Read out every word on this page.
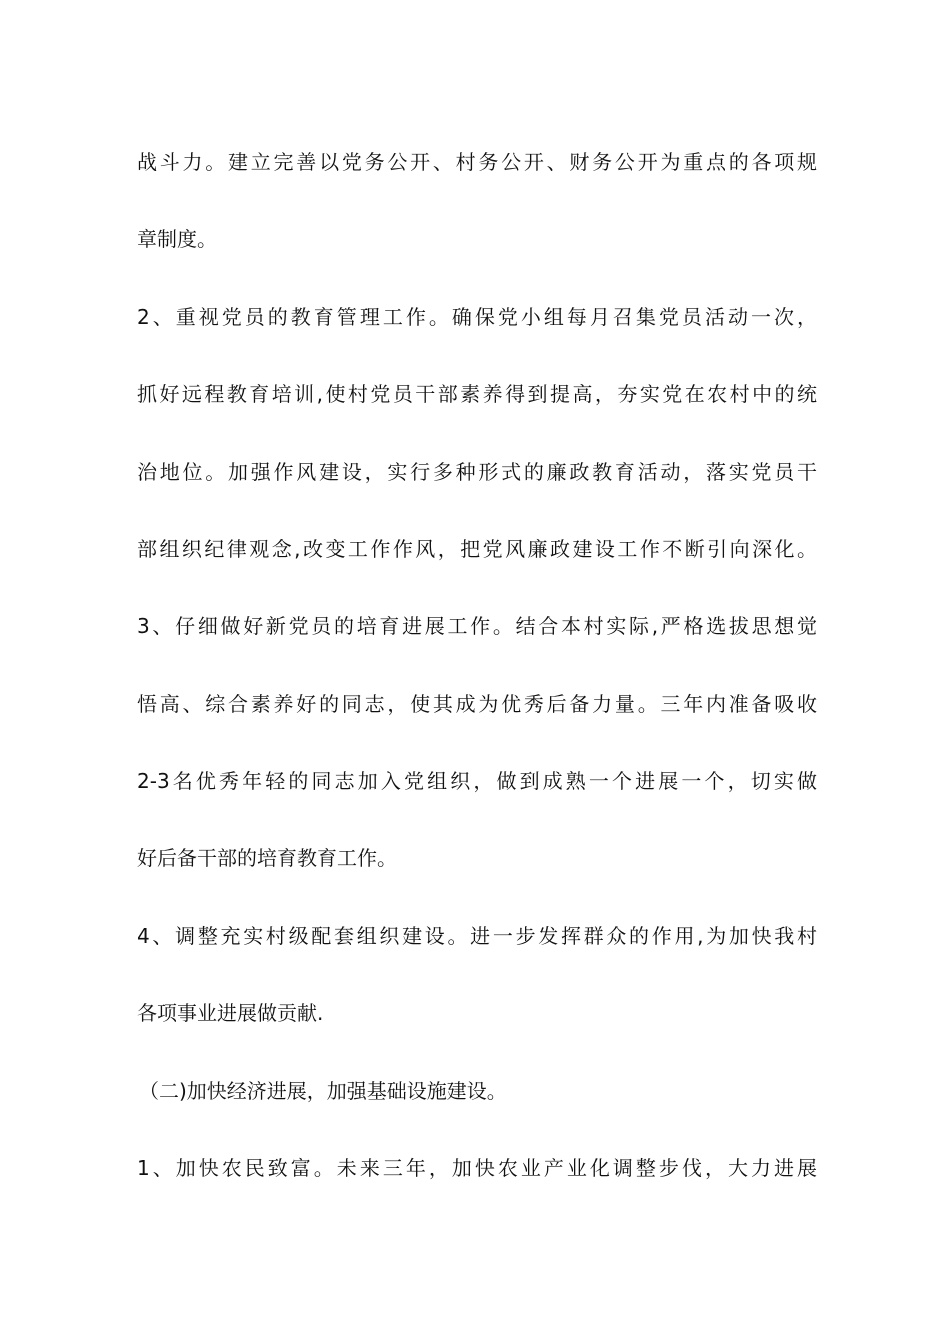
战斗力。建立完善以党务公开、村务公开、财务公开为重点的各项规
章制度。
2、重视党员的教育管理工作。确保党小组每月召集党员活动一次，
抓好远程教育培训,使村党员干部素养得到提高，夯实党在农村中的统
治地位。加强作风建设，实行多种形式的廉政教育活动，落实党员干
部组织纪律观念,改变工作作风，把党风廉政建设工作不断引向深化。
3、仔细做好新党员的培育进展工作。结合本村实际,严格选拔思想觉
悟高、综合素养好的同志，使其成为优秀后备力量。三年内准备吸收
2-3名优秀年轻的同志加入党组织，做到成熟一个进展一个，切实做
好后备干部的培育教育工作。
4、调整充实村级配套组织建设。进一步发挥群众的作用,为加快我村
各项事业进展做贡献.
（二)加快经济进展，加强基础设施建设。
1、加快农民致富。未来三年，加快农业产业化调整步伐，大力进展
